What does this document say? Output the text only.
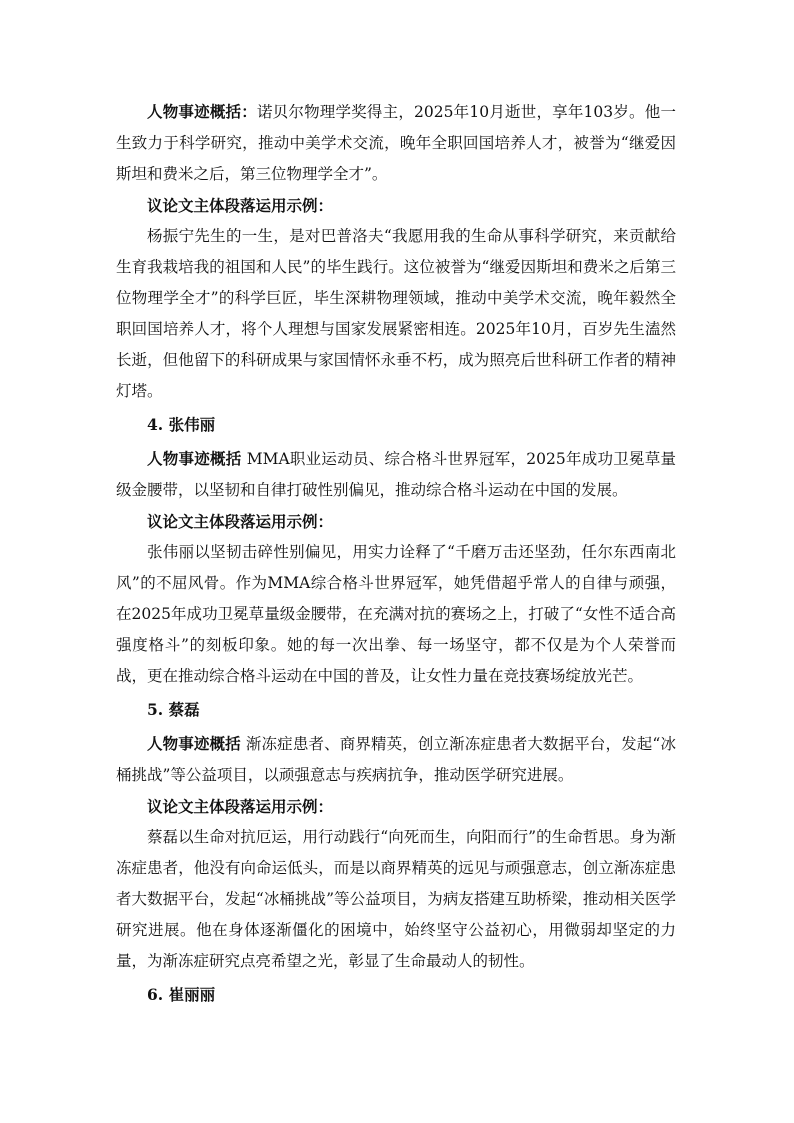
人物事迹概括：诺贝尔物理学奖得主，2025年10月逝世，享年103岁。他一生致力于科学研究，推动中美学术交流，晚年全职回国培养人才，被誉为“继爱因斯坦和费米之后，第三位物理学全才”。

议论文主体段落运用示例：

杨振宁先生的一生，是对巴普洛夫“我愿用我的生命从事科学研究，来贡献给生育我栽培我的祖国和人民”的毕生践行。这位被誉为“继爱因斯坦和费米之后第三位物理学全才”的科学巨匠，毕生深耕物理领域，推动中美学术交流，晚年毅然全职回国培养人才，将个人理想与国家发展紧密相连。2025年10月，百岁先生溘然长逝，但他留下的科研成果与家国情怀永垂不朽，成为照亮后世科研工作者的精神灯塔。

4. 张伟丽

人物事迹概括 MMA职业运动员、综合格斗世界冠军，2025年成功卫冕草量级金腰带，以坚韧和自律打破性别偏见，推动综合格斗运动在中国的发展。

议论文主体段落运用示例：

张伟丽以坚韧击碎性别偏见，用实力诠释了“千磨万击还坚劲，任尔东西南北风”的不屈风骨。作为MMA综合格斗世界冠军，她凭借超乎常人的自律与顽强，在2025年成功卫冕草量级金腰带，在充满对抗的赛场之上，打破了“女性不适合高强度格斗”的刻板印象。她的每一次出拳、每一场坚守，都不仅是为个人荣誉而战，更在推动综合格斗运动在中国的普及，让女性力量在竞技赛场绽放光芒。

5. 蔡磊

人物事迹概括 渐冻症患者、商界精英，创立渐冻症患者大数据平台，发起“冰桶挑战”等公益项目，以顽强意志与疾病抗争，推动医学研究进展。

议论文主体段落运用示例：

蔡磊以生命对抗厄运，用行动践行“向死而生，向阳而行”的生命哲思。身为渐冻症患者，他没有向命运低头，而是以商界精英的远见与顽强意志，创立渐冻症患者大数据平台，发起“冰桶挑战”等公益项目，为病友搭建互助桥梁，推动相关医学研究进展。他在身体逐渐僵化的困境中，始终坚守公益初心，用微弱却坚定的力量，为渐冻症研究点亮希望之光，彰显了生命最动人的韧性。

6. 崔丽丽
